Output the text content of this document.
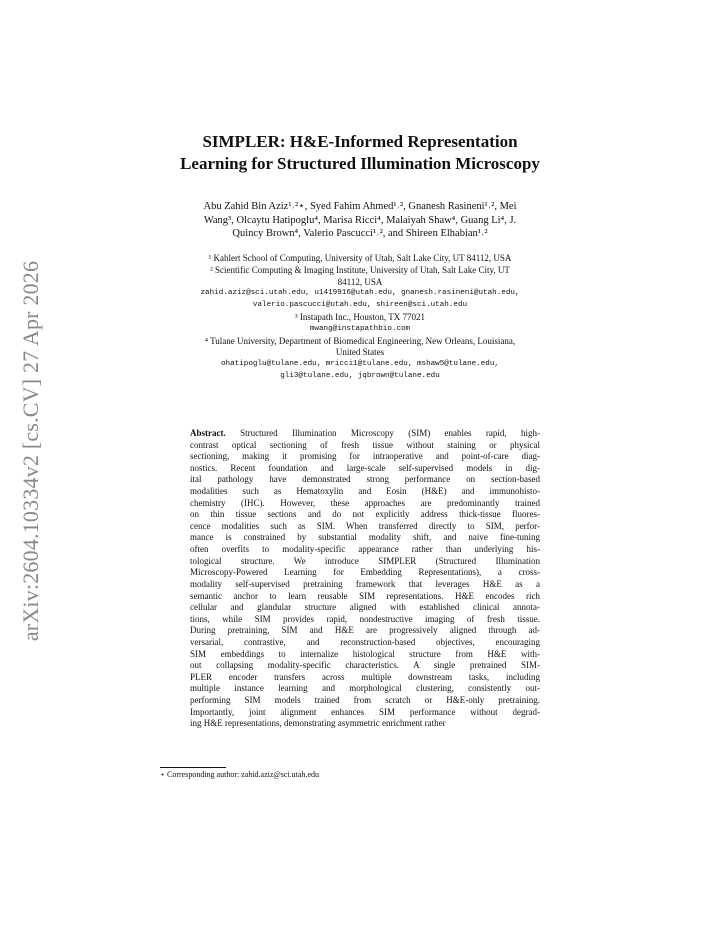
arXiv:2604.10334v2 [cs.CV] 27 Apr 2026
SIMPLER: H&E-Informed Representation
Learning for Structured Illumination Microscopy
Abu Zahid Bin Aziz¹˒²⋆, Syed Fahim Ahmed¹˒², Gnanesh Rasineni¹˒², Mei
Wang³, Olcaytu Hatipoglu⁴, Marisa Ricci⁴, Malaiyah Shaw⁴, Guang Li⁴, J.
Quincy Brown⁴, Valerio Pascucci¹˒², and Shireen Elhabian¹˒²
¹ Kahlert School of Computing, University of Utah, Salt Lake City, UT 84112, USA
² Scientific Computing & Imaging Institute, University of Utah, Salt Lake City, UT
84112, USA
zahid.aziz@sci.utah.edu, u1419916@utah.edu, gnanesh.rasineni@utah.edu,
valerio.pascucci@utah.edu, shireen@sci.utah.edu
³ Instapath Inc., Houston, TX 77021
mwang@instapathbio.com
⁴ Tulane University, Department of Biomedical Engineering, New Orleans, Louisiana,
United States
ohatipoglu@tulane.edu, mricci1@tulane.edu, mshaw5@tulane.edu,
gli3@tulane.edu, jqbrown@tulane.edu
Abstract. Structured Illumination Microscopy (SIM) enables rapid, high-
contrast optical sectioning of fresh tissue without staining or physical
sectioning, making it promising for intraoperative and point-of-care diag-
nostics. Recent foundation and large-scale self-supervised models in dig-
ital pathology have demonstrated strong performance on section-based
modalities such as Hematoxylin and Eosin (H&E) and immunohisto-
chemistry (IHC). However, these approaches are predominantly trained
on thin tissue sections and do not explicitly address thick-tissue fluores-
cence modalities such as SIM. When transferred directly to SIM, perfor-
mance is constrained by substantial modality shift, and naive fine-tuning
often overfits to modality-specific appearance rather than underlying his-
tological structure. We introduce SIMPLER (Structured Illumination
Microscopy-Powered Learning for Embedding Representations), a cross-
modality self-supervised pretraining framework that leverages H&E as a
semantic anchor to learn reusable SIM representations. H&E encodes rich
cellular and glandular structure aligned with established clinical annota-
tions, while SIM provides rapid, nondestructive imaging of fresh tissue.
During pretraining, SIM and H&E are progressively aligned through ad-
versarial, contrastive, and reconstruction-based objectives, encouraging
SIM embeddings to internalize histological structure from H&E with-
out collapsing modality-specific characteristics. A single pretrained SIM-
PLER encoder transfers across multiple downstream tasks, including
multiple instance learning and morphological clustering, consistently out-
performing SIM models trained from scratch or H&E-only pretraining.
Importantly, joint alignment enhances SIM performance without degrad-
ing H&E representations, demonstrating asymmetric enrichment rather
⋆ Corresponding author: zahid.aziz@sci.utah.edu
